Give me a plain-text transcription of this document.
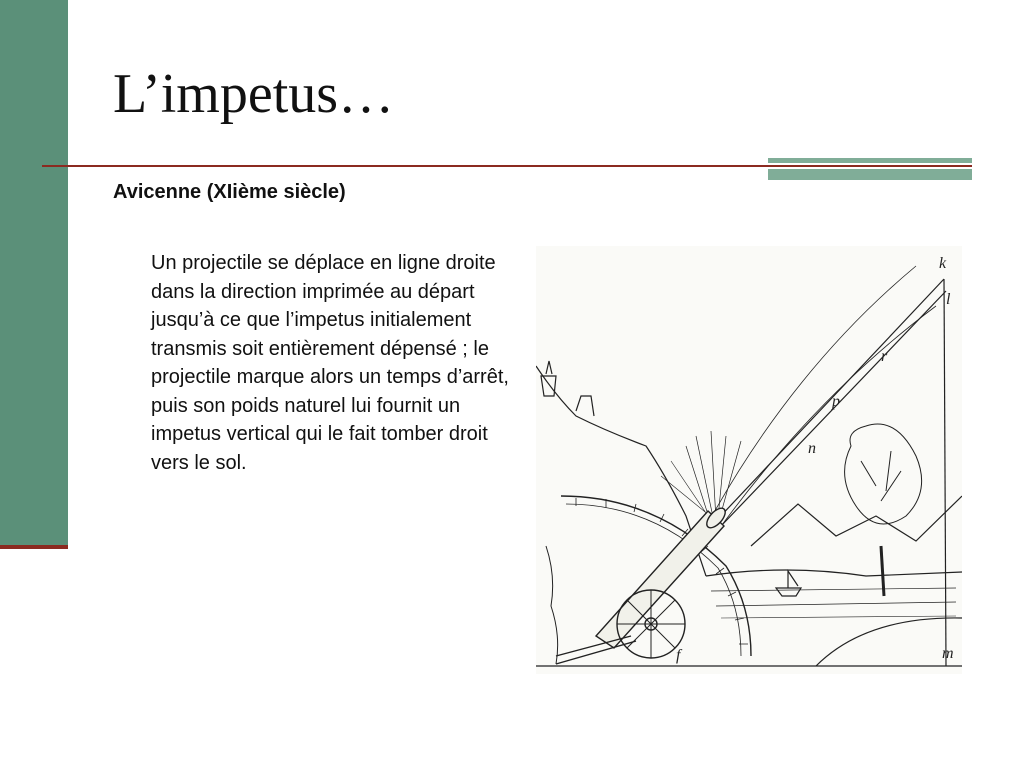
L’impetus…

Avicenne (XIième siècle)

Un projectile se déplace en ligne droite dans la direction imprimée au départ jusqu’à ce que l’impetus initialement transmis soit entièrement dépensé ; le projectile marque alors un temps d’arrêt, puis son poids naturel lui fournit un impetus vertical qui le fait tomber droit vers le sol.

k
l
r
p
n
m
f
